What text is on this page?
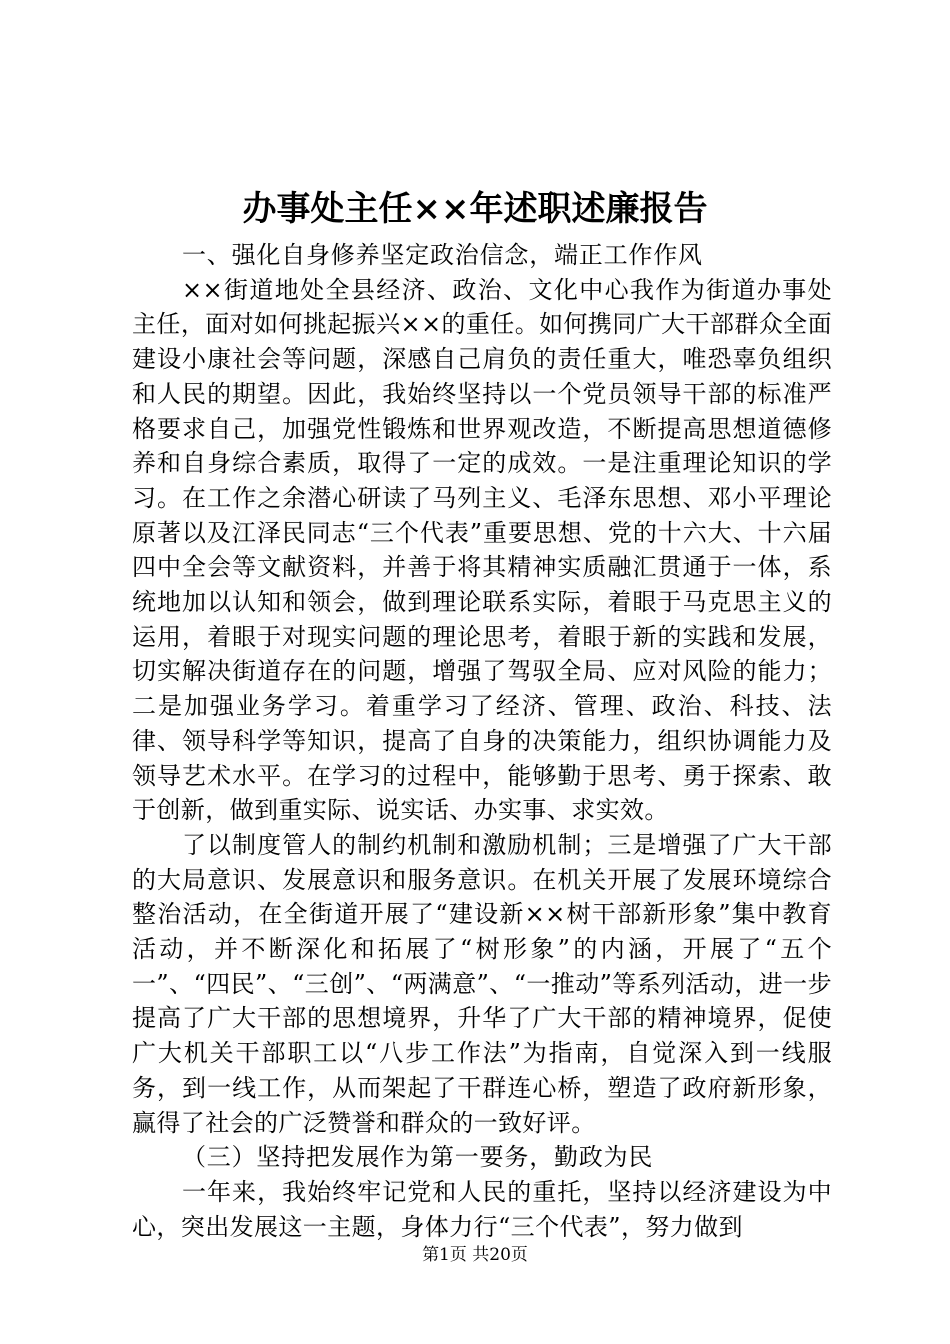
办事处主任××年述职述廉报告

一、强化自身修养坚定政治信念，端正工作作风

××街道地处全县经济、政治、文化中心我作为街道办事处主任，面对如何挑起振兴××的重任。如何携同广大干部群众全面建设小康社会等问题，深感自己肩负的责任重大，唯恐辜负组织和人民的期望。因此，我始终坚持以一个党员领导干部的标准严格要求自己，加强党性锻炼和世界观改造，不断提高思想道德修养和自身综合素质，取得了一定的成效。一是注重理论知识的学习。在工作之余潜心研读了马列主义、毛泽东思想、邓小平理论原著以及江泽民同志“三个代表”重要思想、党的十六大、十六届四中全会等文献资料，并善于将其精神实质融汇贯通于一体，系统地加以认知和领会，做到理论联系实际，着眼于马克思主义的运用，着眼于对现实问题的理论思考，着眼于新的实践和发展，切实解决街道存在的问题，增强了驾驭全局、应对风险的能力；二是加强业务学习。着重学习了经济、管理、政治、科技、法律、领导科学等知识，提高了自身的决策能力，组织协调能力及领导艺术水平。在学习的过程中，能够勤于思考、勇于探索、敢于创新，做到重实际、说实话、办实事、求实效。

了以制度管人的制约机制和激励机制；三是增强了广大干部的大局意识、发展意识和服务意识。在机关开展了发展环境综合整治活动，在全街道开展了“建设新××树干部新形象”集中教育活动，并不断深化和拓展了“树形象”的内涵，开展了“五个一”、“四民”、“三创”、“两满意”、“一推动”等系列活动，进一步提高了广大干部的思想境界，升华了广大干部的精神境界，促使广大机关干部职工以“八步工作法”为指南，自觉深入到一线服务，到一线工作，从而架起了干群连心桥，塑造了政府新形象，赢得了社会的广泛赞誉和群众的一致好评。

（三）坚持把发展作为第一要务，勤政为民

一年来，我始终牢记党和人民的重托，坚持以经济建设为中心，突出发展这一主题，身体力行“三个代表”，努力做到

第1页 共20页
